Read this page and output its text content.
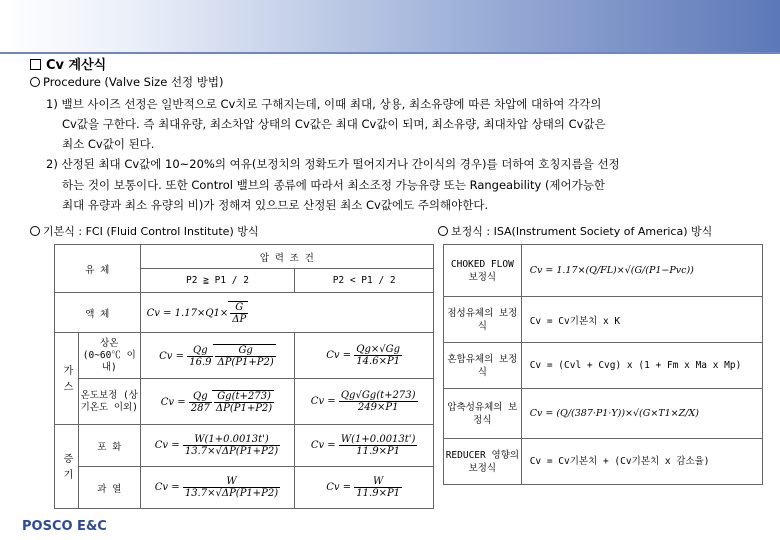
Cv 계산식
Procedure (Valve Size 선정 방법)
1) 밸브 사이즈 선정은 일반적으로 Cv치로 구해지는데, 이때 최대, 상용, 최소유량에 따른 차압에 대하여 각각의
Cv값을 구한다. 즉 최대유량, 최소차압 상태의 Cv값은 최대 Cv값이 되며, 최소유량, 최대차압 상태의 Cv값은
최소 Cv값이 된다.
2) 산정된 최대 Cv값에 10~20%의 여유(보정치의 정확도가 떨어지거나 간이식의 경우)를 더하여 호칭지름을 선정
하는 것이 보통이다. 또한 Control 밸브의 종류에 따라서 최소조정 가능유량 또는 Rangeability (제어가능한
최대 유량과 최소 유량의 비)가 정해져 있으므로 산정된 최소 Cv값에도 주의해야한다.
기본식 : FCI (Fluid Control Institute) 방식	보정식 : ISA(Instrument Society of America) 방식
유 체		압 력 조 건	
		P2 ≧ P1 / 2	P2 < P1 / 2
액 체		$Cv = 1.17\times Q1\times \frac{G}{\Delta P}$

가 스	상온 (0~60℃ 이내)	$Cv = \frac{Qg}{16.9} \frac{Gg}{\Delta P(P1+P2)}$	$Cv = \frac{Qg\times√Gg}{14.6\times P1}$

	온도보정 (상기온도 이외)	$Cv = \frac{Qg}{287} \frac{Gg(t+273)}{\Delta P(P1+P2)}$	$Cv = \frac{Qg√Gg(t+273)}{249\times P1}$

증 기	포 화	$Cv = \frac{W(1+0.0013t')}{13.7\times√\Delta P(P1+P2)}$	$Cv = \frac{W(1+0.0013t')}{11.9\times P1}$

	과 열	$Cv = \frac{W}{13.7\times√\Delta P(P1+P2)}$	$Cv = \frac{W}{11.9\times P1}$
CHOKED FLOW 보정식	Cv = 1.17×(Q/FL)×√(G/(P1−Pvc))
점성유체의 보정식	Cv = Cv기본치 x K
혼합유체의 보정식	Cv = (Cvl + Cvg) x (1 + Fm x Ma x Mp)
압축성유체의 보정식	Cv = (Q/(387·P1·Y))×√(G×T1×Z/X)
REDUCER 영향의 보정식	Cv = Cv기본치 + (Cv기본치 x 감소율)
POSCO E&C
